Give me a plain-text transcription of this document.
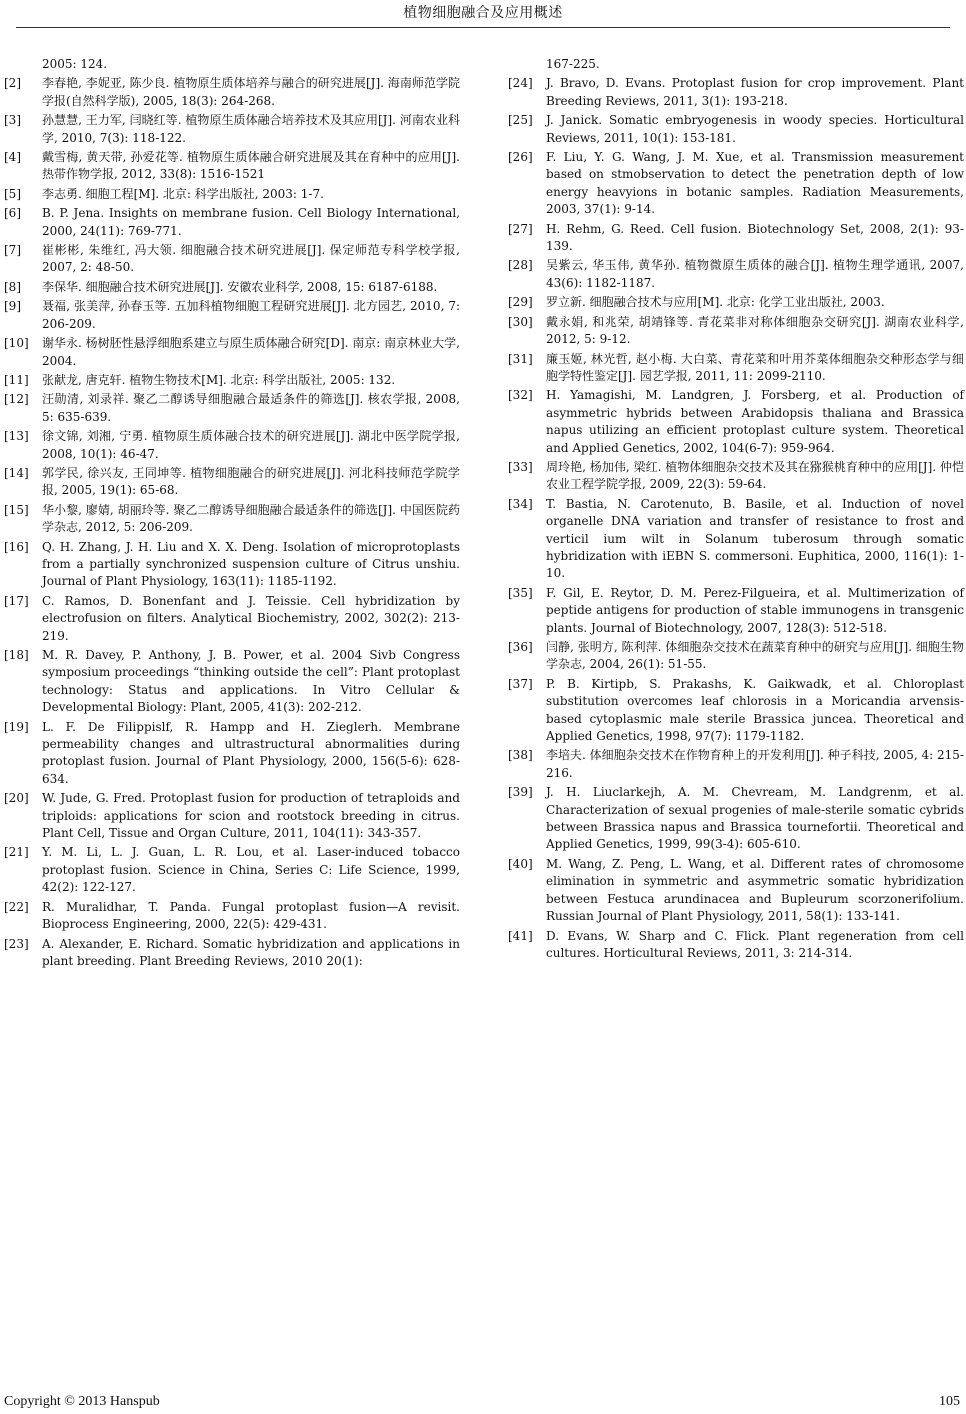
植物细胞融合及应用概述
2005: 124.
[2] 李春艳, 李妮亚, 陈少良. 植物原生质体培养与融合的研究进展[J]. 海南师范学院学报(自然科学版), 2005, 18(3): 264-268.
[3] 孙慧慧, 王力军, 闫晓红等. 植物原生质体融合培养技术及其应用[J]. 河南农业科学, 2010, 7(3): 118-122.
[4] 戴雪梅, 黄天带, 孙爱花等. 植物原生质体融合研究进展及其在育种中的应用[J]. 热带作物学报, 2012, 33(8): 1516-1521
[5] 李志勇. 细胞工程[M]. 北京: 科学出版社, 2003: 1-7.
[6] B. P. Jena. Insights on membrane fusion. Cell Biology International, 2000, 24(11): 769-771.
[7] 崔彬彬, 朱维红, 冯大领. 细胞融合技术研究进展[J]. 保定师范专科学校学报, 2007, 2: 48-50.
[8] 李保华. 细胞融合技术研究进展[J]. 安徽农业科学, 2008, 15: 6187-6188.
[9] 聂福, 张美萍, 孙春玉等. 五加科植物细胞工程研究进展[J]. 北方园艺, 2010, 7: 206-209.
[10] 谢华永. 杨树胚性悬浮细胞系建立与原生质体融合研究[D]. 南京: 南京林业大学, 2004.
[11] 张献龙, 唐克轩. 植物生物技术[M]. 北京: 科学出版社, 2005: 132.
[12] 汪勋清, 刘录祥. 聚乙二醇诱导细胞融合最适条件的筛选[J]. 核农学报, 2008, 5: 635-639.
[13] 徐文锦, 刘湘, 宁勇. 植物原生质体融合技术的研究进展[J]. 湖北中医学院学报, 2008, 10(1): 46-47.
[14] 郭学民, 徐兴友, 王同坤等. 植物细胞融合的研究进展[J]. 河北科技师范学院学报, 2005, 19(1): 65-68.
[15] 华小黎, 廖婧, 胡丽玲等. 聚乙二醇诱导细胞融合最适条件的筛选[J]. 中国医院药学杂志, 2012, 5: 206-209.
[16] Q. H. Zhang, J. H. Liu and X. X. Deng. Isolation of microprotoplasts from a partially synchronized suspension culture of Citrus unshiu. Journal of Plant Physiology, 163(11): 1185-1192.
[17] C. Ramos, D. Bonenfant and J. Teissie. Cell hybridization by electrofusion on filters. Analytical Biochemistry, 2002, 302(2): 213-219.
[18] M. R. Davey, P. Anthony, J. B. Power, et al. 2004 Sivb Congress symposium proceedings “thinking outside the cell”: Plant protoplast technology: Status and applications. In Vitro Cellular & Developmental Biology: Plant, 2005, 41(3): 202-212.
[19] L. F. De Filippislf, R. Hampp and H. Zieglerh. Membrane permeability changes and ultrastructural abnormalities during protoplast fusion. Journal of Plant Physiology, 2000, 156(5-6): 628-634.
[20] W. Jude, G. Fred. Protoplast fusion for production of tetraploids and triploids: applications for scion and rootstock breeding in citrus. Plant Cell, Tissue and Organ Culture, 2011, 104(11): 343-357.
[21] Y. M. Li, L. J. Guan, L. R. Lou, et al. Laser-induced tobacco protoplast fusion. Science in China, Series C: Life Science, 1999, 42(2): 122-127.
[22] R. Muralidhar, T. Panda. Fungal protoplast fusion—A revisit. Bioprocess Engineering, 2000, 22(5): 429-431.
[23] A. Alexander, E. Richard. Somatic hybridization and applications in plant breeding. Plant Breeding Reviews, 2010 20(1):
167-225.
[24] J. Bravo, D. Evans. Protoplast fusion for crop improvement. Plant Breeding Reviews, 2011, 3(1): 193-218.
[25] J. Janick. Somatic embryogenesis in woody species. Horticultural Reviews, 2011, 10(1): 153-181.
[26] F. Liu, Y. G. Wang, J. M. Xue, et al. Transmission measurement based on stmobservation to detect the penetration depth of low energy heavyions in botanic samples. Radiation Measurements, 2003, 37(1): 9-14.
[27] H. Rehm, G. Reed. Cell fusion. Biotechnology Set, 2008, 2(1): 93-139.
[28] 吴紫云, 华玉伟, 黄华孙. 植物微原生质体的融合[J]. 植物生理学通讯, 2007, 43(6): 1182-1187.
[29] 罗立新. 细胞融合技术与应用[M]. 北京: 化学工业出版社, 2003.
[30] 戴永娟, 和兆荣, 胡靖锋等. 青花菜非对称体细胞杂交研究[J]. 湖南农业科学, 2012, 5: 9-12.
[31] 廉玉姬, 林光哲, 赵小梅. 大白菜、青花菜和叶用芥菜体细胞杂交种形态学与细胞学特性鉴定[J]. 园艺学报, 2011, 11: 2099-2110.
[32] H. Yamagishi, M. Landgren, J. Forsberg, et al. Production of asymmetric hybrids between Arabidopsis thaliana and Brassica napus utilizing an efficient protoplast culture system. Theoretical and Applied Genetics, 2002, 104(6-7): 959-964.
[33] 周玲艳, 杨加伟, 梁红. 植物体细胞杂交技术及其在猕猴桃育种中的应用[J]. 仲恺农业工程学院学报, 2009, 22(3): 59-64.
[34] T. Bastia, N. Carotenuto, B. Basile, et al. Induction of novel organelle DNA variation and transfer of resistance to frost and verticil ium wilt in Solanum tuberosum through somatic hybridization with iEBN S. commersoni. Euphitica, 2000, 116(1): 1-10.
[35] F. Gil, E. Reytor, D. M. Perez-Filgueira, et al. Multimerization of peptide antigens for production of stable immunogens in transgenic plants. Journal of Biotechnology, 2007, 128(3): 512-518.
[36] 闫静, 张明方, 陈利萍. 体细胞杂交技术在蔬菜育种中的研究与应用[J]. 细胞生物学杂志, 2004, 26(1): 51-55.
[37] P. B. Kirtipb, S. Prakashs, K. Gaikwadk, et al. Chloroplast substitution overcomes leaf chlorosis in a Moricandia arvensis-based cytoplasmic male sterile Brassica juncea. Theoretical and Applied Genetics, 1998, 97(7): 1179-1182.
[38] 李培夫. 体细胞杂交技术在作物育种上的开发利用[J]. 种子科技, 2005, 4: 215-216.
[39] J. H. Liuclarkejh, A. M. Chevream, M. Landgrenm, et al. Characterization of sexual progenies of male-sterile somatic cybrids between Brassica napus and Brassica tournefortii. Theoretical and Applied Genetics, 1999, 99(3-4): 605-610.
[40] M. Wang, Z. Peng, L. Wang, et al. Different rates of chromosome elimination in symmetric and asymmetric somatic hybridization between Festuca arundinacea and Bupleurum scorzonerifolium. Russian Journal of Plant Physiology, 2011, 58(1): 133-141.
[41] D. Evans, W. Sharp and C. Flick. Plant regeneration from cell cultures. Horticultural Reviews, 2011, 3: 214-314.
Copyright © 2013 Hanspub	105
